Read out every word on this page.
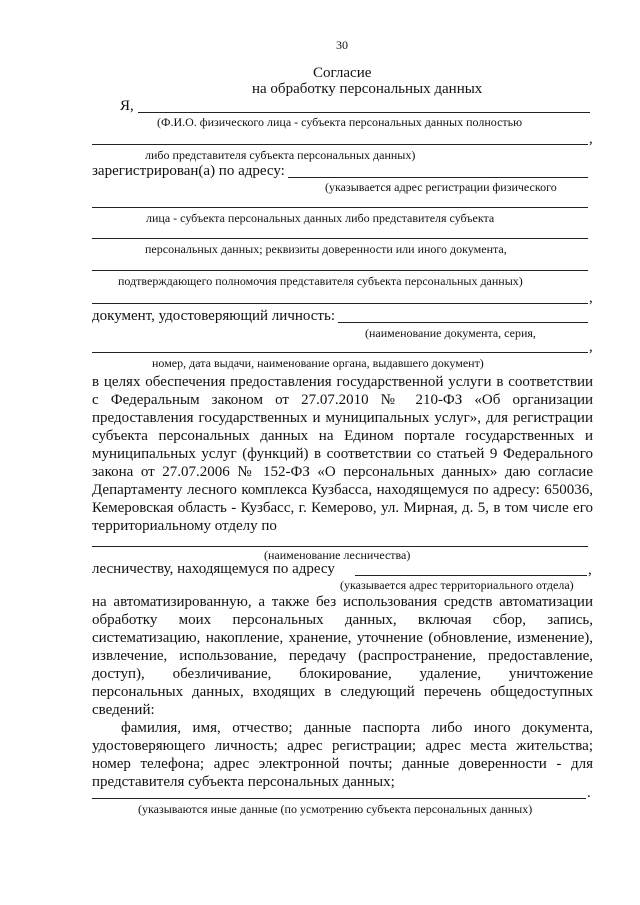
30
Согласие
на обработку персональных данных
Я,
(Ф.И.О. физического лица - субъекта персональных данных полностью
,
либо представителя субъекта персональных данных)
зарегистрирован(а) по адресу:
(указывается адрес регистрации физического
лица - субъекта персональных данных либо представителя субъекта
персональных данных; реквизиты доверенности или иного документа,
подтверждающего полномочия представителя субъекта персональных данных)
,
документ, удостоверяющий личность:
(наименование документа, серия,
,
номер, дата выдачи, наименование органа, выдавшего документ)
в целях обеспечения предоставления государственной услуги в соответствии
с Федеральным законом от 27.07.2010 № 210-ФЗ «Об организации
предоставления государственных и муниципальных услуг», для регистрации
субъекта персональных данных на Едином портале государственных и
муниципальных услуг (функций) в соответствии со статьей 9 Федерального
закона от 27.07.2006 № 152-ФЗ «О персональных данных» даю согласие
Департаменту лесного комплекса Кузбасса, находящемуся по адресу: 650036,
Кемеровская область - Кузбасс, г. Кемерово, ул. Мирная, д. 5, в том числе его
территориальному отделу по
(наименование лесничества)
лесничеству, находящемуся по адресу	,
(указывается адрес территориального отдела)
на автоматизированную, а также без использования средств автоматизации
обработку моих персональных данных, включая сбор, запись,
систематизацию, накопление, хранение, уточнение (обновление, изменение),
извлечение, использование, передачу (распространение, предоставление,
доступ), обезличивание, блокирование, удаление, уничтожение
персональных данных, входящих в следующий перечень общедоступных
сведений:
фамилия, имя, отчество; данные паспорта либо иного документа,
удостоверяющего личность; адрес регистрации; адрес места жительства;
номер телефона; адрес электронной почты; данные доверенности - для
представителя субъекта персональных данных;
.
(указываются иные данные (по усмотрению субъекта персональных данных)
